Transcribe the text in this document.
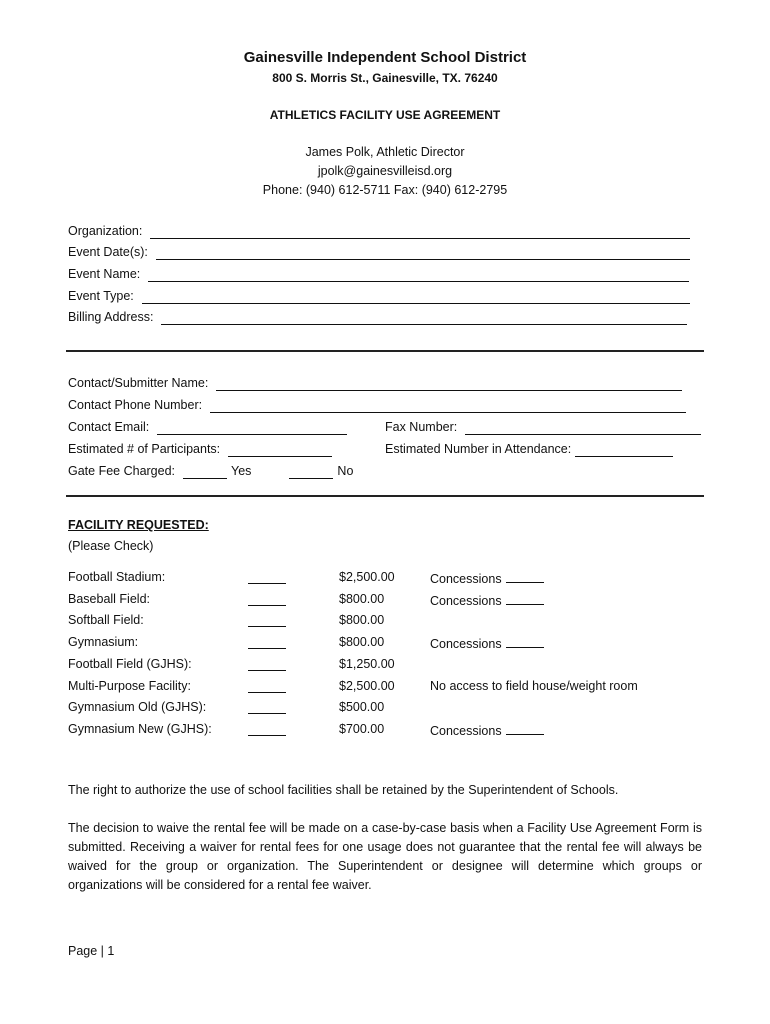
Gainesville Independent School District
800 S. Morris St., Gainesville, TX. 76240
ATHLETICS FACILITY USE AGREEMENT
James Polk, Athletic Director
jpolk@gainesvilleisd.org
Phone: (940) 612-5711 Fax: (940) 612-2795
Organization:
Event Date(s):
Event Name:
Event Type:
Billing Address:
Contact/Submitter Name:
Contact Phone Number:
Contact Email:	Fax Number:
Estimated # of Participants:	Estimated Number in Attendance:
Gate Fee Charged:	Yes	No
FACILITY REQUESTED:
(Please Check)
Football Stadium:	$2,500.00	Concessions
Baseball Field:	$800.00	Concessions
Softball Field:	$800.00
Gymnasium:	$800.00	Concessions
Football Field (GJHS):	$1,250.00
Multi-Purpose Facility:	$2,500.00	No access to field house/weight room
Gymnasium Old (GJHS):	$500.00
Gymnasium New (GJHS):	$700.00	Concessions
The right to authorize the use of school facilities shall be retained by the Superintendent of Schools.
The decision to waive the rental fee will be made on a case-by-case basis when a Facility Use Agreement Form is submitted. Receiving a waiver for rental fees for one usage does not guarantee that the rental fee will always be waived for the group or organization. The Superintendent or designee will determine which groups or organizations will be considered for a rental fee waiver.
Page | 1
